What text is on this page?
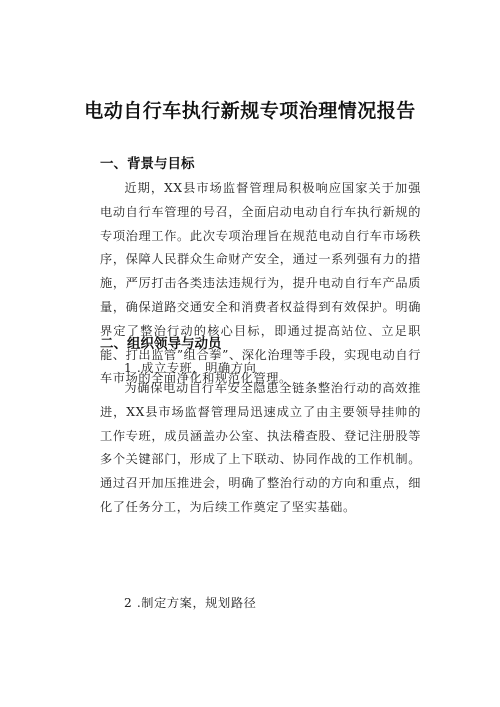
电动自行车执行新规专项治理情况报告
一、背景与目标
近期，XX县市场监督管理局积极响应国家关于加强电动自行车管理的号召，全面启动电动自行车执行新规的专项治理工作。此次专项治理旨在规范电动自行车市场秩序，保障人民群众生命财产安全，通过一系列强有力的措施，严厉打击各类违法违规行为，提升电动自行车产品质量，确保道路交通安全和消费者权益得到有效保护。明确界定了整治行动的核心目标，即通过提高站位、立足职能、打出监管”组合拳”、深化治理等手段，实现电动自行车市场的全面净化和规范化管理。
二、组织领导与动员
1 .成立专班，明确方向
为确保电动自行车安全隐患全链条整治行动的高效推进，XX县市场监督管理局迅速成立了由主要领导挂帅的工作专班，成员涵盖办公室、执法稽查股、登记注册股等多个关键部门，形成了上下联动、协同作战的工作机制。通过召开加压推进会，明确了整治行动的方向和重点，细化了任务分工，为后续工作奠定了坚实基础。
2 .制定方案，规划路径
